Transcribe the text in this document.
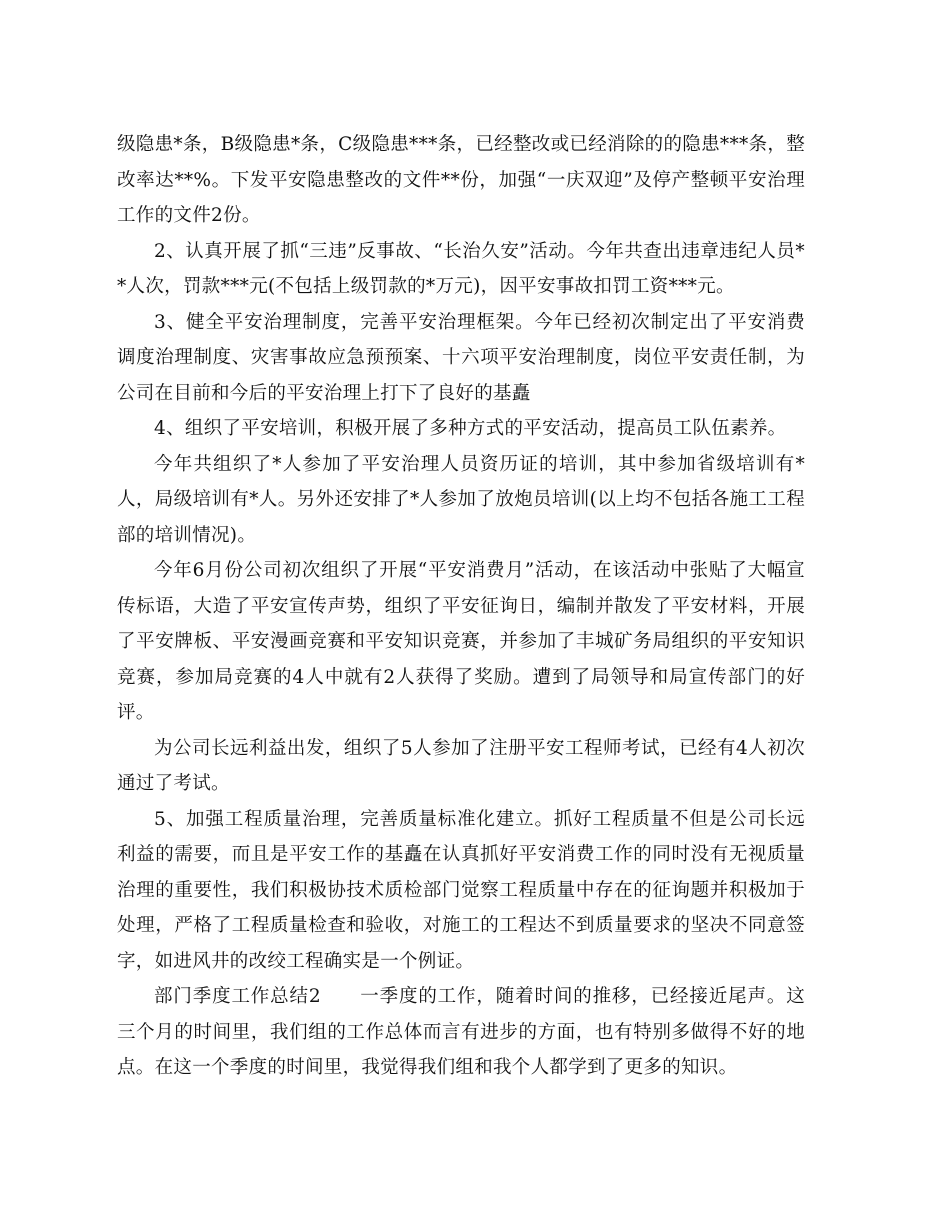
级隐患*条，B级隐患*条，C级隐患***条，已经整改或已经消除的的隐患***条，整改率达**%。下发平安隐患整改的文件**份，加强“一庆双迎”及停产整顿平安治理工作的文件2份。

2、认真开展了抓“三违”反事故、“长治久安”活动。今年共查出违章违纪人员**人次，罚款***元(不包括上级罚款的*万元)，因平安事故扣罚工资***元。

3、健全平安治理制度，完善平安治理框架。今年已经初次制定出了平安消费调度治理制度、灾害事故应急预预案、十六项平安治理制度，岗位平安责任制，为公司在目前和今后的平安治理上打下了良好的基矗

4、组织了平安培训，积极开展了多种方式的平安活动，提高员工队伍素养。

今年共组织了*人参加了平安治理人员资历证的培训，其中参加省级培训有*人，局级培训有*人。另外还安排了*人参加了放炮员培训(以上均不包括各施工工程部的培训情况)。

今年6月份公司初次组织了开展“平安消费月”活动，在该活动中张贴了大幅宣传标语，大造了平安宣传声势，组织了平安征询日，编制并散发了平安材料，开展了平安牌板、平安漫画竞赛和平安知识竞赛，并参加了丰城矿务局组织的平安知识竞赛，参加局竞赛的4人中就有2人获得了奖励。遭到了局领导和局宣传部门的好评。

为公司长远利益出发，组织了5人参加了注册平安工程师考试，已经有4人初次通过了考试。

5、加强工程质量治理，完善质量标准化建立。抓好工程质量不但是公司长远利益的需要，而且是平安工作的基矗在认真抓好平安消费工作的同时没有无视质量治理的重要性，我们积极协技术质检部门觉察工程质量中存在的征询题并积极加于处理，严格了工程质量检查和验收，对施工的工程达不到质量要求的坚决不同意签字，如进风井的改绞工程确实是一个例证。

部门季度工作总结2　　一季度的工作，随着时间的推移，已经接近尾声。这三个月的时间里，我们组的工作总体而言有进步的方面，也有特别多做得不好的地点。在这一个季度的时间里，我觉得我们组和我个人都学到了更多的知识。
